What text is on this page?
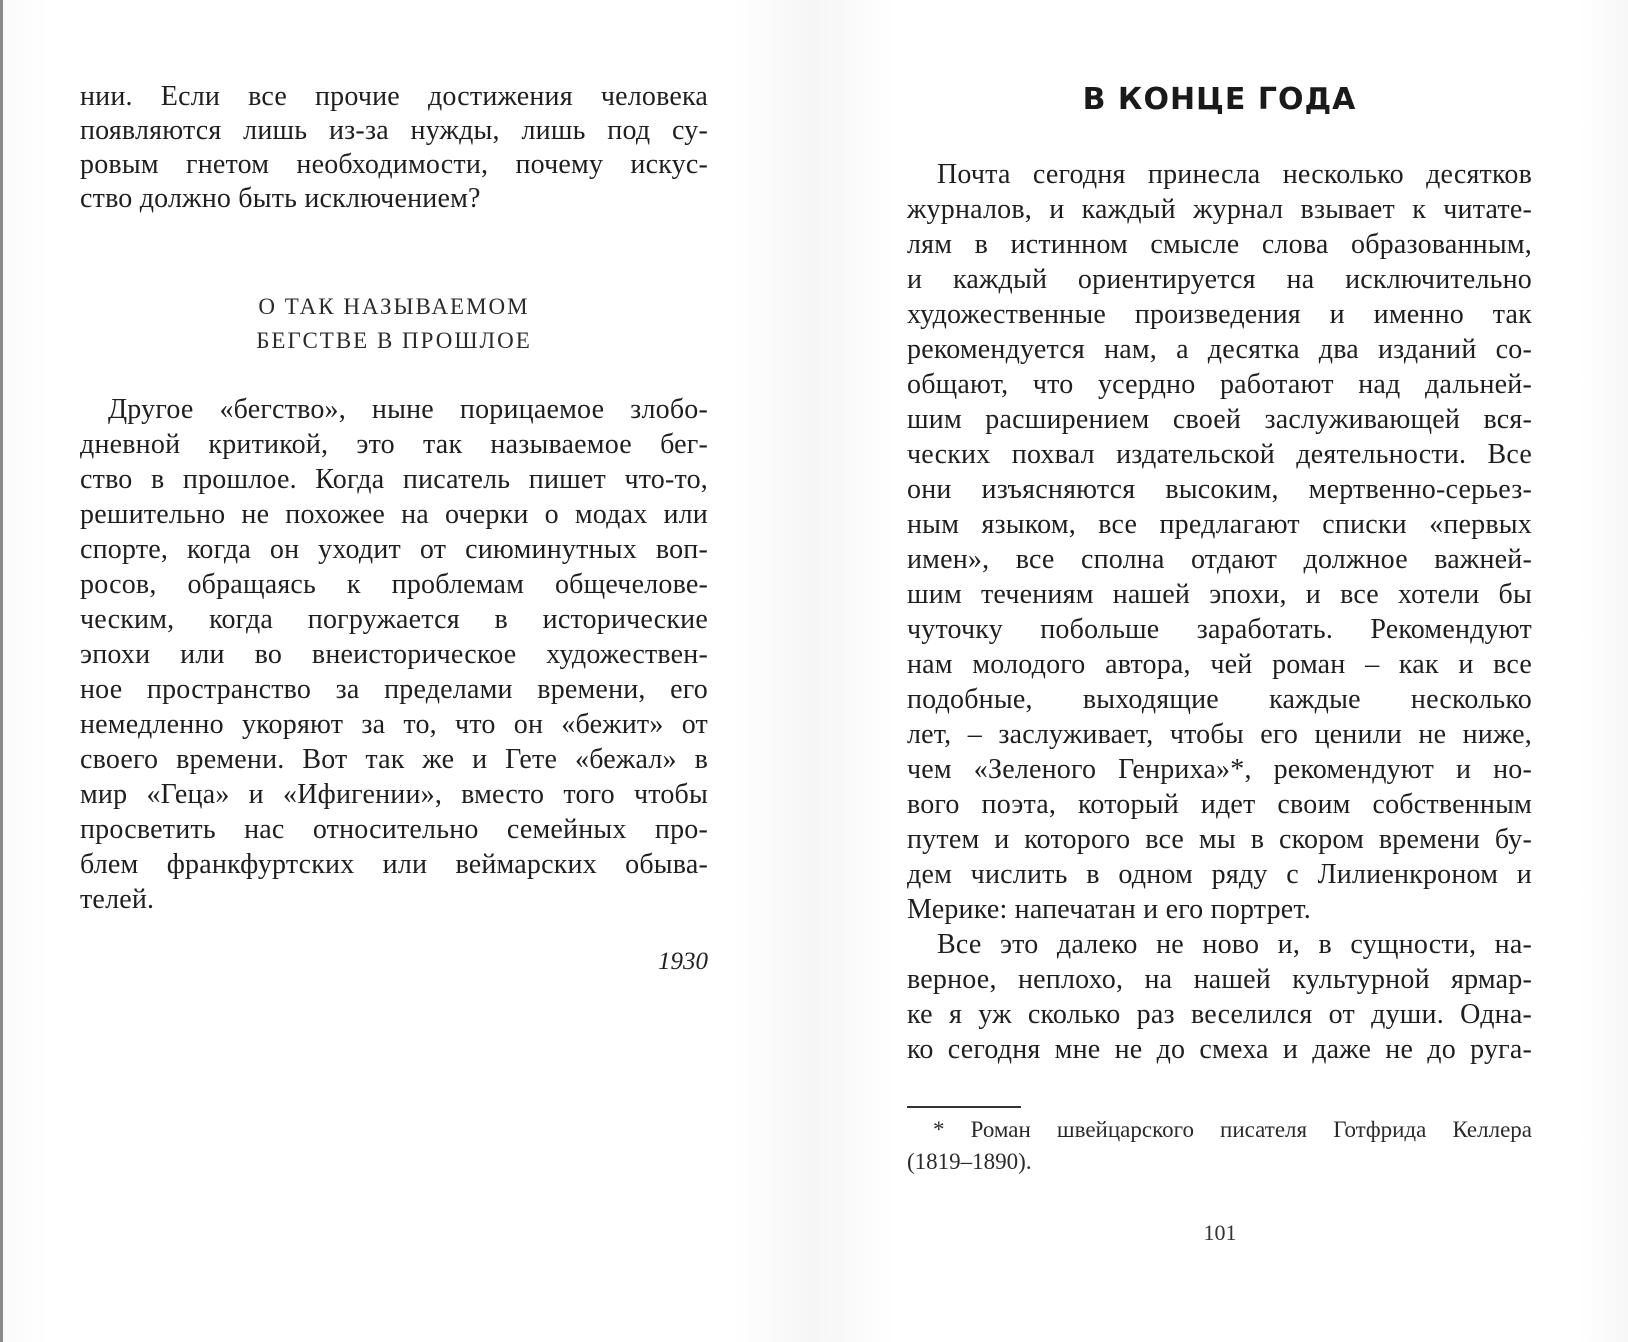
нии. Если все прочие достижения человека
появляются лишь из-за нужды, лишь под су-
ровым гнетом необходимости, почему искус-
ство должно быть исключением?
О ТАК НАЗЫВАЕМОМ
БЕГСТВЕ В ПРОШЛОЕ
Другое «бегство», ныне порицаемое злобо-
дневной критикой, это так называемое бег-
ство в прошлое. Когда писатель пишет что-то,
решительно не похожее на очерки о модах или
спорте, когда он уходит от сиюминутных воп-
росов, обращаясь к проблемам общечелове-
ческим, когда погружается в исторические
эпохи или во внеисторическое художествен-
ное пространство за пределами времени, его
немедленно укоряют за то, что он «бежит» от
своего времени. Вот так же и Гете «бежал» в
мир «Геца» и «Ифигении», вместо того чтобы
просветить нас относительно семейных про-
блем франкфуртских или веймарских обыва-
телей.
1930
В КОНЦЕ ГОДА
Почта сегодня принесла несколько десятков
журналов, и каждый журнал взывает к читате-
лям в истинном смысле слова образованным,
и каждый ориентируется на исключительно
художественные произведения и именно так
рекомендуется нам, а десятка два изданий со-
общают, что усердно работают над дальней-
шим расширением своей заслуживающей вся-
ческих похвал издательской деятельности. Все
они изъясняются высоким, мертвенно-серьез-
ным языком, все предлагают списки «первых
имен», все сполна отдают должное важней-
шим течениям нашей эпохи, и все хотели бы
чуточку побольше заработать. Рекомендуют
нам молодого автора, чей роман – как и все
подобные, выходящие каждые несколько
лет, – заслуживает, чтобы его ценили не ниже,
чем «Зеленого Генриха»*, рекомендуют и но-
вого поэта, который идет своим собственным
путем и которого все мы в скором времени бу-
дем числить в одном ряду с Лилиенкроном и
Мерике: напечатан и его портрет.
Все это далеко не ново и, в сущности, на-
верное, неплохо, на нашей культурной ярмар-
ке я уж сколько раз веселился от души. Одна-
ко сегодня мне не до смеха и даже не до руга-
* Роман швейцарского писателя Готфрида Келлера
(1819–1890).
101
